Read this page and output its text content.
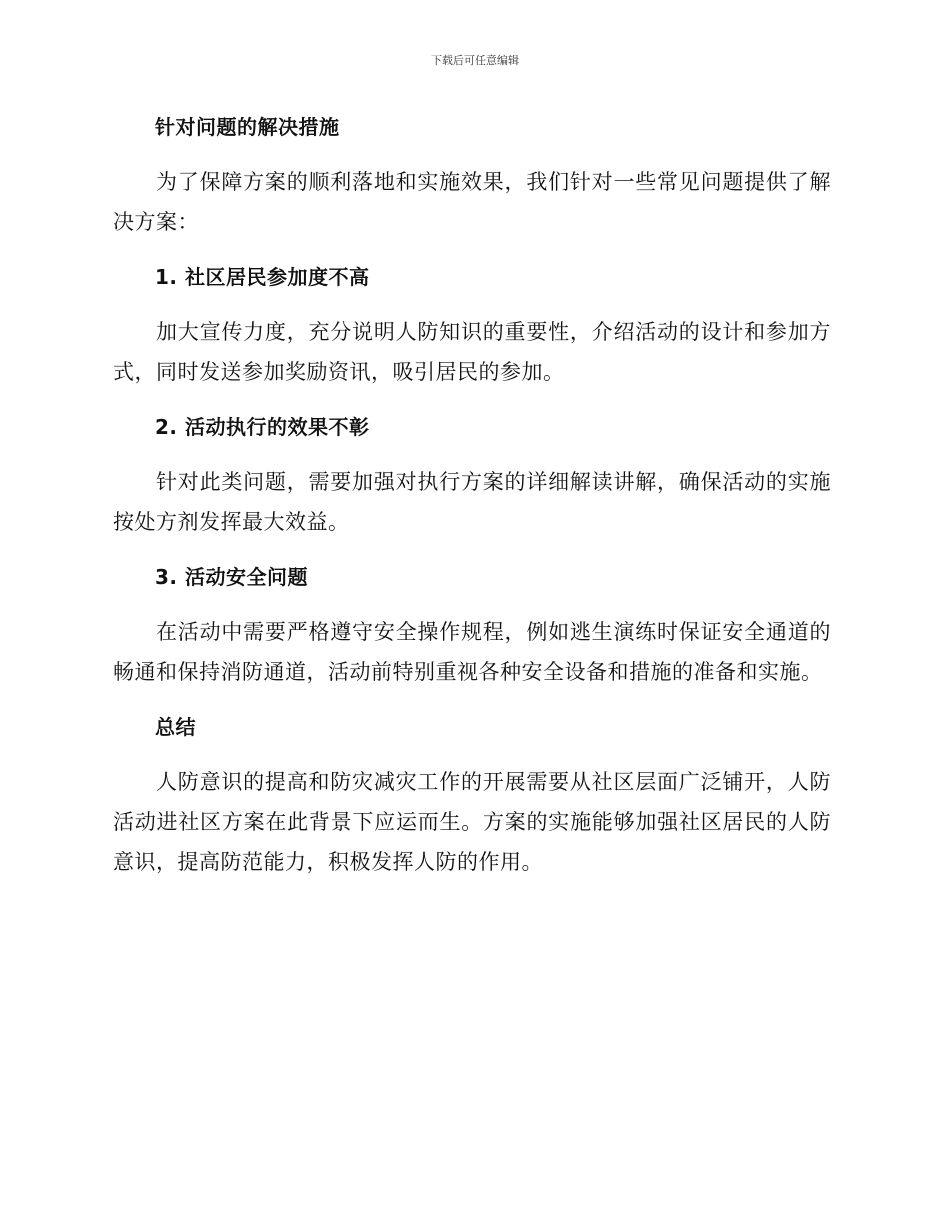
下载后可任意编辑
针对问题的解决措施

为了保障方案的顺利落地和实施效果，我们针对一些常见问题提供了解决方案：

1. 社区居民参加度不高

加大宣传力度，充分说明人防知识的重要性，介绍活动的设计和参加方式，同时发送参加奖励资讯，吸引居民的参加。

2. 活动执行的效果不彰

针对此类问题，需要加强对执行方案的详细解读讲解，确保活动的实施按处方剂发挥最大效益。

3. 活动安全问题

在活动中需要严格遵守安全操作规程，例如逃生演练时保证安全通道的畅通和保持消防通道，活动前特别重视各种安全设备和措施的准备和实施。

总结

人防意识的提高和防灾减灾工作的开展需要从社区层面广泛铺开，人防活动进社区方案在此背景下应运而生。方案的实施能够加强社区居民的人防意识，提高防范能力，积极发挥人防的作用。
